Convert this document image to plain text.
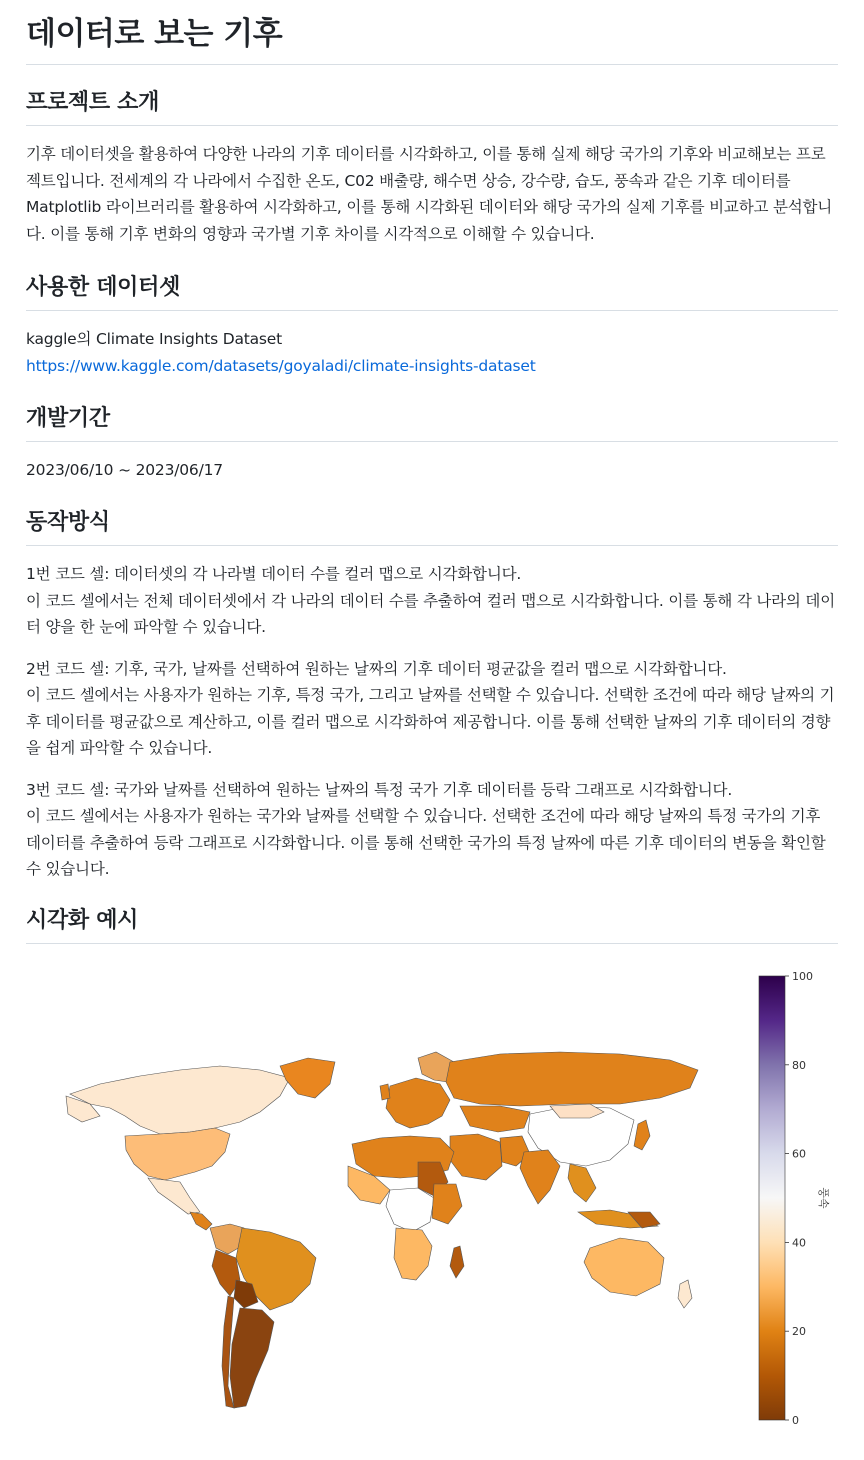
데이터로 보는 기후
프로젝트 소개

기후 데이터셋을 활용하여 다양한 나라의 기후 데이터를 시각화하고, 이를 통해 실제 해당 국가의 기후와 비교해보는 프로젝트입니다. 전세계의 각 나라에서 수집한 온도, C02 배출량, 해수면 상승, 강수량, 습도, 풍속과 같은 기후 데이터를 Matplotlib 라이브러리를 활용하여 시각화하고, 이를 통해 시각화된 데이터와 해당 국가의 실제 기후를 비교하고 분석합니다. 이를 통해 기후 변화의 영향과 국가별 기후 차이를 시각적으로 이해할 수 있습니다.

사용한 데이터셋

kaggle의 Climate Insights Dataset

https://www.kaggle.com/datasets/goyaladi/climate-insights-dataset

개발기간

2023/06/10 ~ 2023/06/17

동작방식

1번 코드 셀: 데이터셋의 각 나라별 데이터 수를 컬러 맵으로 시각화합니다.

이 코드 셀에서는 전체 데이터셋에서 각 나라의 데이터 수를 추출하여 컬러 맵으로 시각화합니다. 이를 통해 각 나라의 데이터 양을 한 눈에 파악할 수 있습니다.

2번 코드 셀: 기후, 국가, 날짜를 선택하여 원하는 날짜의 기후 데이터 평균값을 컬러 맵으로 시각화합니다.

이 코드 셀에서는 사용자가 원하는 기후, 특정 국가, 그리고 날짜를 선택할 수 있습니다. 선택한 조건에 따라 해당 날짜의 기후 데이터를 평균값으로 계산하고, 이를 컬러 맵으로 시각화하여 제공합니다. 이를 통해 선택한 날짜의 기후 데이터의 경향을 쉽게 파악할 수 있습니다.

3번 코드 셀: 국가와 날짜를 선택하여 원하는 날짜의 특정 국가 기후 데이터를 등락 그래프로 시각화합니다.

이 코드 셀에서는 사용자가 원하는 국가와 날짜를 선택할 수 있습니다. 선택한 조건에 따라 해당 날짜의 특정 국가의 기후 데이터를 추출하여 등락 그래프로 시각화합니다. 이를 통해 선택한 국가의 특정 날짜에 따른 기후 데이터의 변동을 확인할 수 있습니다.

시각화 예시
0
20
40
60
80
100
풍속
